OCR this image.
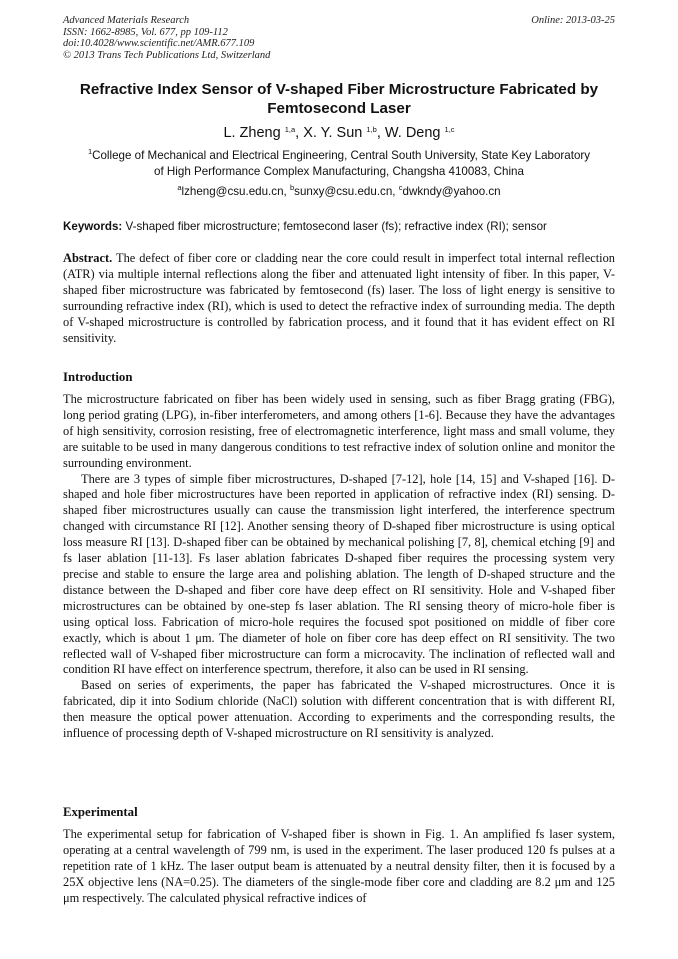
Advanced Materials Research
ISSN: 1662-8985, Vol. 677, pp 109-112
doi:10.4028/www.scientific.net/AMR.677.109
© 2013 Trans Tech Publications Ltd, Switzerland
Online: 2013-03-25
Refractive Index Sensor of V-shaped Fiber Microstructure Fabricated by
Femtosecond Laser
L. Zheng $^{1,a}$, X. Y. Sun $^{1,b}$, W. Deng $^{1,c}$
$^1$College of Mechanical and Electrical Engineering, Central South University, State Key Laboratory
of High Performance Complex Manufacturing, Changsha 410083, China
$^a$lzheng@csu.edu.cn, $^b$sunxy@csu.edu.cn, $^c$dwkndy@yahoo.cn
Keywords: V-shaped fiber microstructure; femtosecond laser (fs); refractive index (RI); sensor

Abstract. The defect of fiber core or cladding near the core could result in imperfect total internal reflection (ATR) via multiple internal reflections along the fiber and attenuated light intensity of fiber. In this paper, V-shaped fiber microstructure was fabricated by femtosecond (fs) laser. The loss of light energy is sensitive to surrounding refractive index (RI), which is used to detect the refractive index of surrounding media. The depth of V-shaped microstructure is controlled by fabrication process, and it found that it has evident effect on RI sensitivity.

Introduction

The microstructure fabricated on fiber has been widely used in sensing, such as fiber Bragg grating (FBG), long period grating (LPG), in-fiber interferometers, and among others [1-6]. Because they have the advantages of high sensitivity, corrosion resisting, free of electromagnetic interference, light mass and small volume, they are suitable to be used in many dangerous conditions to test refractive index of solution online and monitor the surrounding environment.

There are 3 types of simple fiber microstructures, D-shaped [7-12], hole [14, 15] and V-shaped [16]. D-shaped and hole fiber microstructures have been reported in application of refractive index (RI) sensing. D-shaped fiber microstructures usually can cause the transmission light interfered, the interference spectrum changed with circumstance RI [12]. Another sensing theory of D-shaped fiber microstructure is using optical loss measure RI [13]. D-shaped fiber can be obtained by mechanical polishing [7, 8], chemical etching [9] and fs laser ablation [11-13]. Fs laser ablation fabricates D-shaped fiber requires the processing system very precise and stable to ensure the large area and polishing ablation. The length of D-shaped structure and the distance between the D-shaped and fiber core have deep effect on RI sensitivity. Hole and V-shaped fiber microstructures can be obtained by one-step fs laser ablation. The RI sensing theory of micro-hole fiber is using optical loss. Fabrication of micro-hole requires the focused spot positioned on middle of fiber core exactly, which is about 1 μm. The diameter of hole on fiber core has deep effect on RI sensitivity. The two reflected wall of V-shaped fiber microstructure can form a microcavity. The inclination of reflected wall and condition RI have effect on interference spectrum, therefore, it also can be used in RI sensing.

Based on series of experiments, the paper has fabricated the V-shaped microstructures. Once it is fabricated, dip it into Sodium chloride (NaCl) solution with different concentration that is with different RI, then measure the optical power attenuation. According to experiments and the corresponding results, the influence of processing depth of V-shaped microstructure on RI sensitivity is analyzed.

Experimental

The experimental setup for fabrication of V-shaped fiber is shown in Fig. 1. An amplified fs laser system, operating at a central wavelength of 799 nm, is used in the experiment. The laser produced 120 fs pulses at a repetition rate of 1 kHz. The laser output beam is attenuated by a neutral density filter, then it is focused by a 25X objective lens (NA=0.25). The diameters of the single-mode fiber core and cladding are 8.2 μm and 125 μm respectively. The calculated physical refractive indices of
